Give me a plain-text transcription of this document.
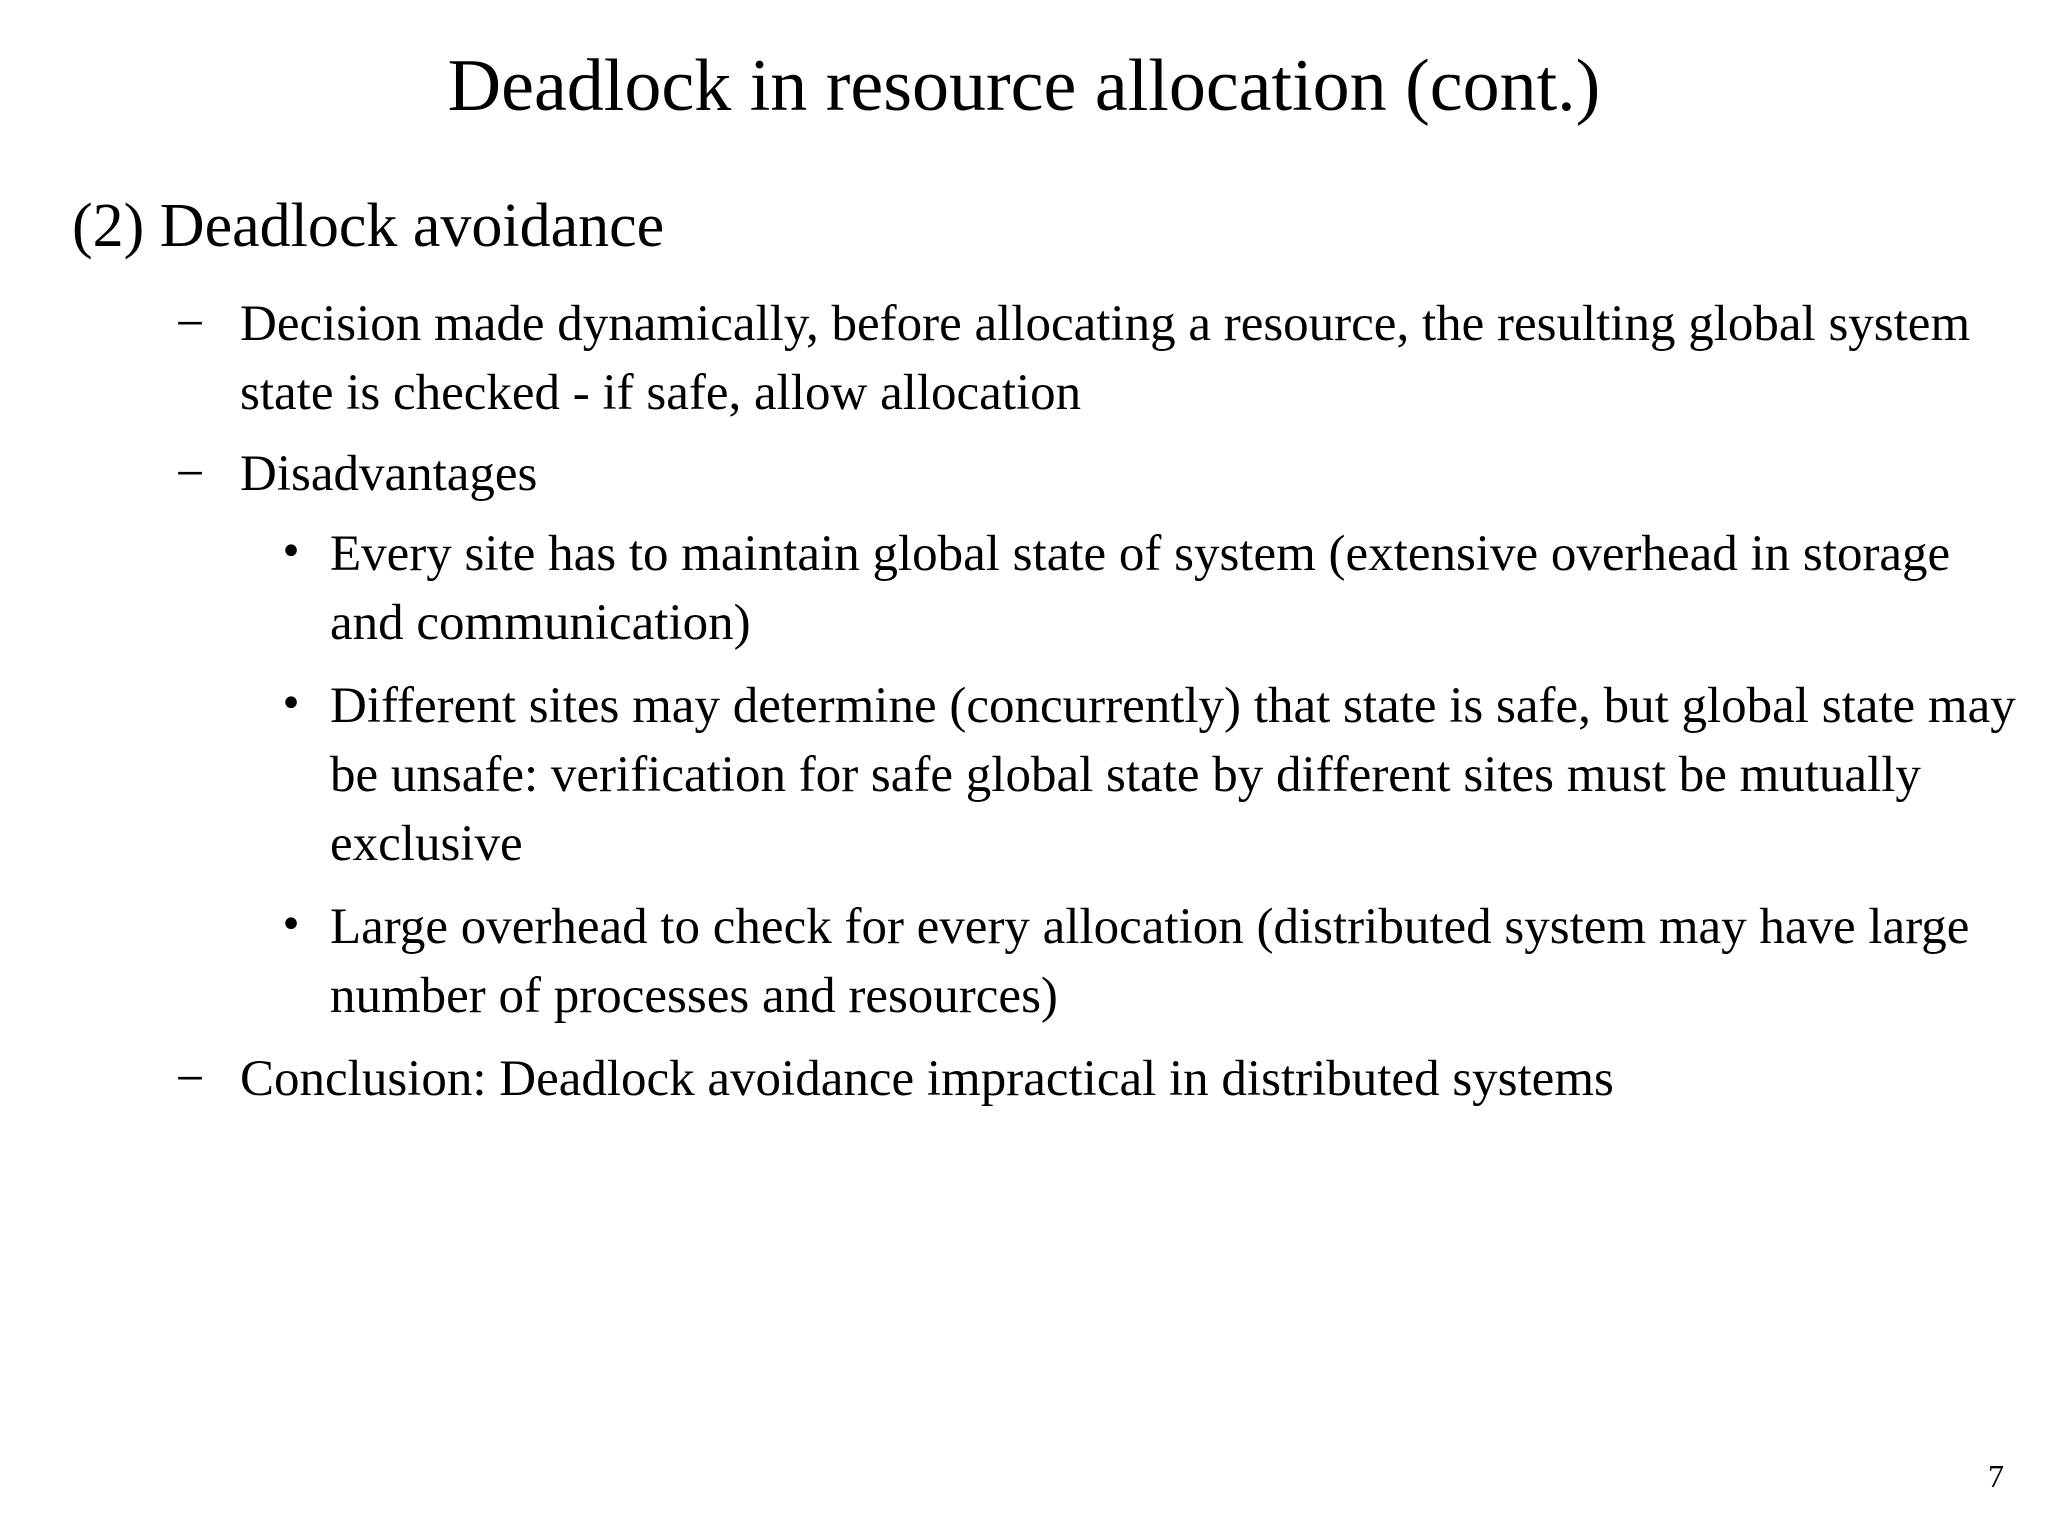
Deadlock in resource allocation (cont.)
(2) Deadlock avoidance
− Decision made dynamically, before allocating a resource, the resulting global system state is checked - if safe, allow allocation
− Disadvantages
• Every site has to maintain global state of system (extensive overhead in storage and communication)
• Different sites may determine (concurrently) that state is safe, but global state may be unsafe: verification for safe global state by different sites must be mutually exclusive
• Large overhead to check for every allocation (distributed system may have large number of processes and resources)
− Conclusion: Deadlock avoidance impractical in distributed systems
7
